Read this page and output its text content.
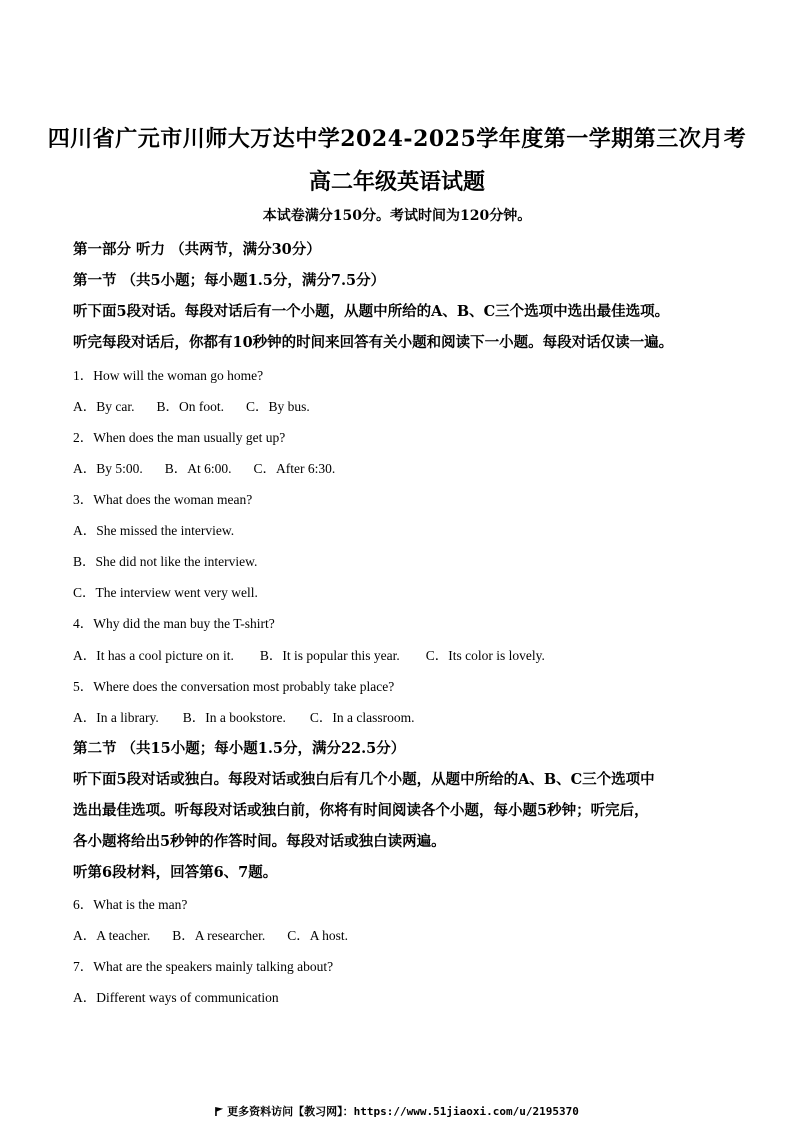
四川省广元市川师大万达中学2024-2025学年度第一学期第三次月考
高二年级英语试题
本试卷满分150分。考试时间为120分钟。
第一部分 听力 （共两节，满分30分）
第一节 （共5小题；每小题1.5分，满分7.5分）
听下面5段对话。每段对话后有一个小题，从题中所给的A、B、C三个选项中选出最佳选项。
听完每段对话后，你都有10秒钟的时间来回答有关小题和阅读下一小题。每段对话仅读一遍。
1．How will the woman go home?
A．By car. B．On foot. C．By bus.
2．When does the man usually get up?
A．By 5:00. B．At 6:00. C．After 6:30.
3．What does the woman mean?
A．She missed the interview.
B．She did not like the interview.
C．The interview went very well.
4．Why did the man buy the T-shirt?
A．It has a cool picture on it. B．It is popular this year. C．Its color is lovely.
5．Where does the conversation most probably take place?
A．In a library. B．In a bookstore. C．In a classroom.
第二节 （共15小题；每小题1.5分，满分22.5分）
听下面5段对话或独白。每段对话或独白后有几个小题，从题中所给的A、B、C三个选项中
选出最佳选项。听每段对话或独白前，你将有时间阅读各个小题，每小题5秒钟；听完后，
各小题将给出5秒钟的作答时间。每段对话或独白读两遍。
听第6段材料，回答第6、7题。
6．What is the man?
A．A teacher. B．A researcher. C．A host.
7．What are the speakers mainly talking about?
A．Different ways of communication
更多资料访问【教习网】：https://www.51jiaoxi.com/u/2195370
